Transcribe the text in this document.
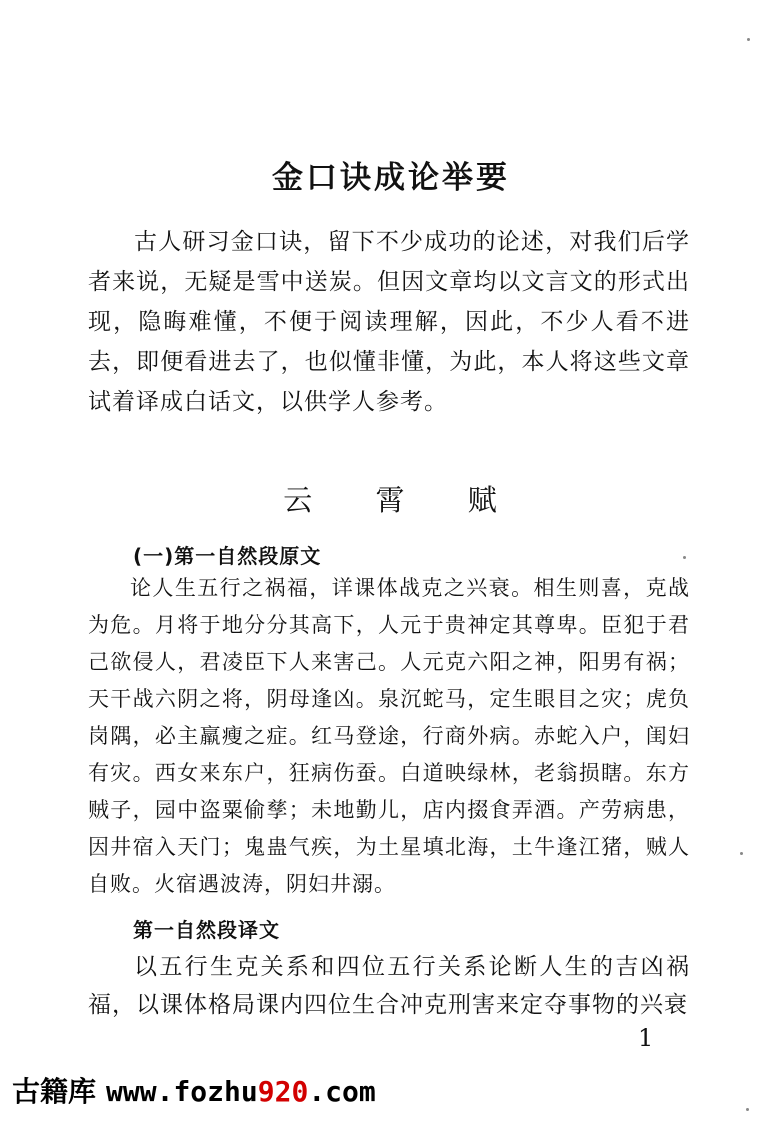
金口诀成论举要
古人研习金口诀，留下不少成功的论述，对我们后学者来说，无疑是雪中送炭。但因文章均以文言文的形式出现，隐晦难懂，不便于阅读理解，因此，不少人看不进去，即便看进去了，也似懂非懂，为此，本人将这些文章试着译成白话文，以供学人参考。
云 霄 赋
(一)第一自然段原文
论人生五行之祸福，详课体战克之兴衰。相生则喜，克战为危。月将于地分分其高下，人元于贵神定其尊卑。臣犯于君己欲侵人，君凌臣下人来害己。人元克六阳之神，阳男有祸；天干战六阴之将，阴母逢凶。泉沉蛇马，定生眼目之灾；虎负岗隅，必主羸瘦之症。红马登途，行商外病。赤蛇入户，闺妇有灾。西女来东户，狂病伤蚕。白道映绿林，老翁损瞎。东方贼子，园中盗粟偷孳；未地勤儿，店内掇食弄酒。产劳病患，因井宿入天门；鬼蛊气疾，为土星填北海，土牛逢江猪，贼人自败。火宿遇波涛，阴妇井溺。
第一自然段译文
以五行生克关系和四位五行关系论断人生的吉凶祸福，以课体格局课内四位生合冲克刑害来定夺事物的兴衰
1
古籍库 www.fozhu920.com
